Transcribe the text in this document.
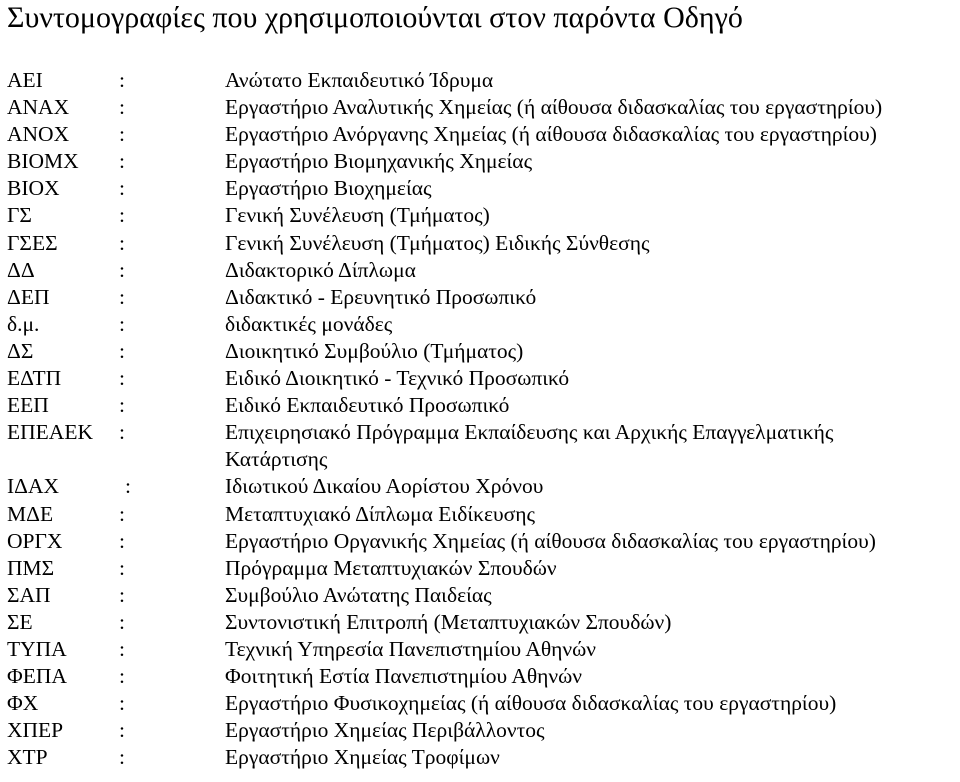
Συντομογραφίες που χρησιμοποιούνται στον παρόντα Οδηγό
ΑΕΙ	:	Ανώτατο Εκπαιδευτικό Ίδρυμα
ΑΝΑΧ :	Εργαστήριο Αναλυτικής Χημείας (ή αίθουσα διδασκαλίας του εργαστηρίου)
ΑΝΟΧ :	Εργαστήριο Ανόργανης Χημείας (ή αίθουσα διδασκαλίας του εργαστηρίου)
ΒΙΟΜΧ :	Εργαστήριο Βιομηχανικής Χημείας
ΒΙΟΧ	:	Εργαστήριο Βιοχημείας
ΓΣ	:	Γενική Συνέλευση (Τμήματος)
ΓΣΕΣ	:	Γενική Συνέλευση (Τμήματος) Ειδικής Σύνθεσης
ΔΔ	:	Διδακτορικό Δίπλωμα
ΔΕΠ	:	Διδακτικό - Ερευνητικό Προσωπικό
δ.μ.	:	διδακτικές μονάδες
ΔΣ	:	Διοικητικό Συμβούλιο (Τμήματος)
ΕΔΤΠ	:	Ειδικό Διοικητικό - Τεχνικό Προσωπικό
ΕΕΠ	:	Ειδικό Εκπαιδευτικό Προσωπικό
ΕΠΕΑΕΚ :	Επιχειρησιακό Πρόγραμμα Εκπαίδευσης και Αρχικής Επαγγελματικής
Κατάρτισης
ΙΔΑΧ	:	Ιδιωτικού Δικαίου Αορίστου Χρόνου
ΜΔΕ	:	Μεταπτυχιακό Δίπλωμα Ειδίκευσης
ΟΡΓΧ	:	Εργαστήριο Οργανικής Χημείας (ή αίθουσα διδασκαλίας του εργαστηρίου)
ΠΜΣ	:	Πρόγραμμα Μεταπτυχιακών Σπουδών
ΣΑΠ	:	Συμβούλιο Ανώτατης Παιδείας
ΣΕ	:	Συντονιστική Επιτροπή (Μεταπτυχιακών Σπουδών)
ΤΥΠΑ :	Τεχνική Υπηρεσία Πανεπιστημίου Αθηνών
ΦΕΠΑ :	Φοιτητική Εστία Πανεπιστημίου Αθηνών
ΦΧ	:	Εργαστήριο Φυσικοχημείας (ή αίθουσα διδασκαλίας του εργαστηρίου)
ΧΠΕΡ	:	Εργαστήριο Χημείας Περιβάλλοντος
ΧΤΡ	:	Εργαστήριο Χημείας Τροφίμων
